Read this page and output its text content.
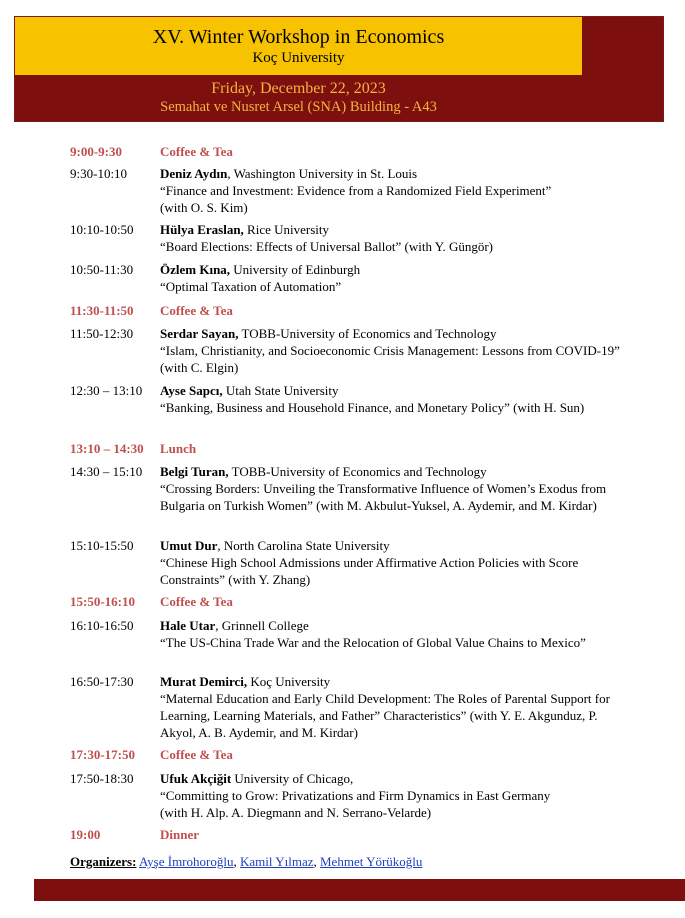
XV. Winter Workshop in Economics
Koç University
Friday, December 22, 2023
Semahat ve Nusret Arsel (SNA) Building - A43
9:00-9:30	Coffee & Tea
9:30-10:10	Deniz Aydın, Washington University in St. Louis
“Finance and Investment: Evidence from a Randomized Field Experiment”
(with O. S. Kim)
10:10-10:50	Hülya Eraslan, Rice University
“Board Elections: Effects of Universal Ballot” (with Y. Güngör)
10:50-11:30	Özlem Kına, University of Edinburgh
“Optimal Taxation of Automation”
11:30-11:50	Coffee & Tea
11:50-12:30	Serdar Sayan, TOBB-University of Economics and Technology
“Islam, Christianity, and Socioeconomic Crisis Management: Lessons from COVID-19” (with C. Elgin)
12:30 – 13:10	Ayse Sapcı, Utah State University
“Banking, Business and Household Finance, and Monetary Policy” (with H. Sun)
13:10 – 14:30	Lunch
14:30 – 15:10	Belgi Turan, TOBB-University of Economics and Technology
“Crossing Borders: Unveiling the Transformative Influence of Women’s Exodus from Bulgaria on Turkish Women” (with M. Akbulut-Yuksel, A. Aydemir, and M. Kirdar)
15:10-15:50	Umut Dur, North Carolina State University
“Chinese High School Admissions under Affirmative Action Policies with Score Constraints” (with Y. Zhang)
15:50-16:10	Coffee & Tea
16:10-16:50	Hale Utar, Grinnell College
“The US-China Trade War and the Relocation of Global Value Chains to Mexico”
16:50-17:30	Murat Demirci, Koç University
“Maternal Education and Early Child Development: The Roles of Parental Support for Learning, Learning Materials, and Father” Characteristics” (with Y. E. Akgunduz, P. Akyol, A. B. Aydemir, and M. Kirdar)
17:30-17:50	Coffee & Tea
17:50-18:30	Ufuk Akçiğit University of Chicago,
“Committing to Grow: Privatizations and Firm Dynamics in East Germany
(with H. Alp. A. Diegmann and N. Serrano-Velarde)
19:00	Dinner
Organizers: Ayşe İmrohoroğlu, Kamil Yılmaz, Mehmet Yörükoğlu
